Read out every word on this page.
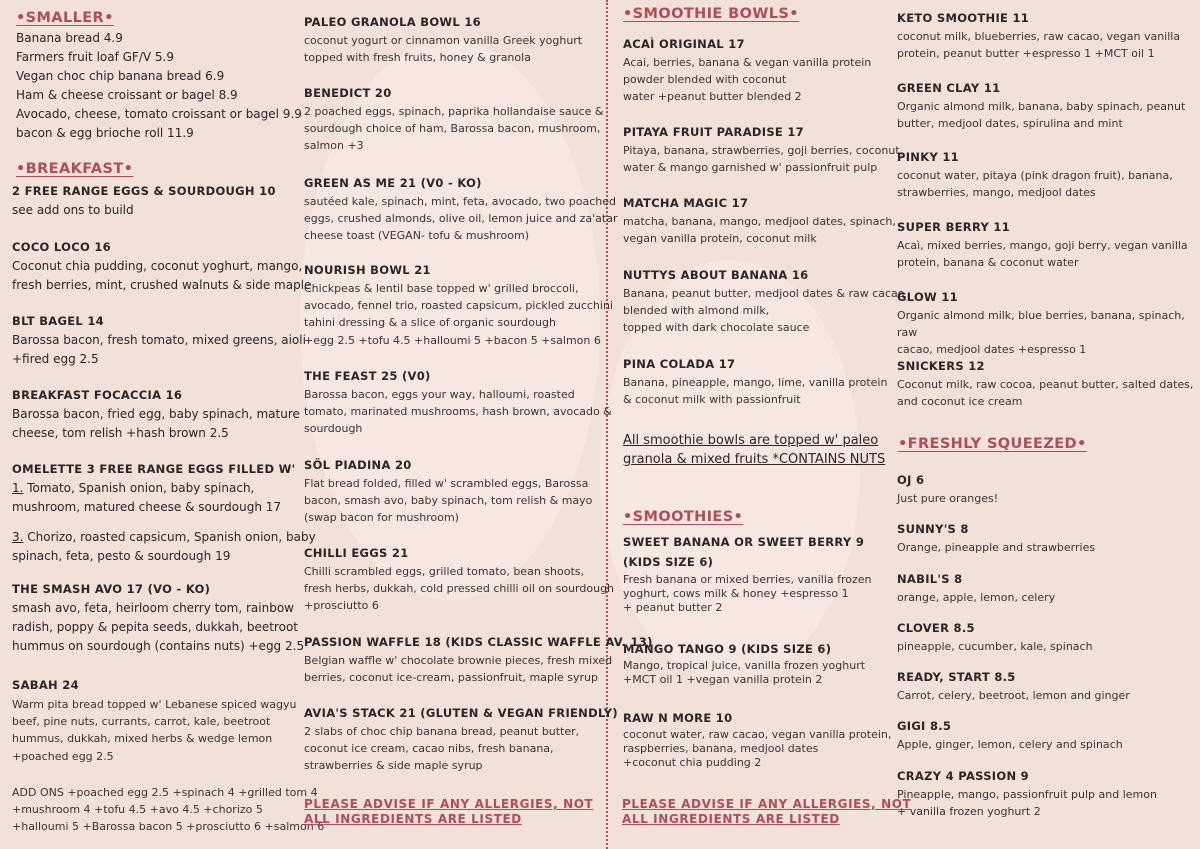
•SMALLER•

Banana bread 4.9

Farmers fruit loaf GF/V 5.9

Vegan choc chip banana bread 6.9

Ham & cheese croissant or bagel 8.9

Avocado, cheese, tomato croissant or bagel 9.9

bacon & egg brioche roll 11.9

•BREAKFAST•

2 FREE RANGE EGGS & SOURDOUGH 10

see add ons to build

COCO LOCO 16

Coconut chia pudding, coconut yoghurt, mango,
fresh berries, mint, crushed walnuts & side maple

BLT BAGEL 14

Barossa bacon, fresh tomato, mixed greens, aioli
+fired egg 2.5

BREAKFAST FOCACCIA 16

Barossa bacon, fried egg, baby spinach, mature
cheese, tom relish +hash brown 2.5

OMELETTE 3 FREE RANGE EGGS FILLED W'

1. Tomato, Spanish onion, baby spinach,
mushroom, matured cheese & sourdough 17

3. Chorizo, roasted capsicum, Spanish onion, baby
spinach, feta, pesto & sourdough 19

THE SMASH AVO 17 (VO - KO)

smash avo, feta, heirloom cherry tom, rainbow
radish, poppy & pepita seeds, dukkah, beetroot
hummus on sourdough (contains nuts) +egg 2.5

SABAH 24

Warm pita bread topped w' Lebanese spiced wagyu
beef, pine nuts, currants, carrot, kale, beetroot
hummus, dukkah, mixed herbs & wedge lemon
+poached egg 2.5

ADD ONS +poached egg 2.5 +spinach 4 +grilled tom 4
+mushroom 4 +tofu 4.5 +avo 4.5 +chorizo 5
+halloumi 5 +Barossa bacon 5 +prosciutto 6 +salmon 6

PALEO GRANOLA BOWL 16

coconut yogurt or cinnamon vanilla Greek yoghurt
topped with fresh fruits, honey & granola

BENEDICT 20

2 poached eggs, spinach, paprika hollandaise sauce &
sourdough choice of ham, Barossa bacon, mushroom,
salmon +3

GREEN AS ME 21 (V0 - KO)

sautéed kale, spinach, mint, feta, avocado, two poached
eggs, crushed almonds, olive oil, lemon juice and za'atar
cheese toast (VEGAN- tofu & mushroom)

NOURISH BOWL 21

Chickpeas & lentil base topped w' grilled broccoli,
avocado, fennel trio, roasted capsicum, pickled zucchini
tahini dressing & a slice of organic sourdough
+egg 2.5 +tofu 4.5 +halloumi 5 +bacon 5 +salmon 6

THE FEAST 25 (V0)

Barossa bacon, eggs your way, halloumi, roasted
tomato, marinated mushrooms, hash brown, avocado &
sourdough

SÖL PIADINA 20

Flat bread folded, filled w' scrambled eggs, Barossa
bacon, smash avo, baby spinach, tom relish & mayo
(swap bacon for mushroom)

CHILLI EGGS 21

Chilli scrambled eggs, grilled tomato, bean shoots,
fresh herbs, dukkah, cold pressed chilli oil on sourdough
+prosciutto 6

PASSION WAFFLE 18 (KIDS CLASSIC WAFFLE AV. 13)

Belgian waffle w' chocolate brownie pieces, fresh mixed
berries, coconut ice-cream, passionfruit, maple syrup

AVIA'S STACK 21 (GLUTEN & VEGAN FRIENDLY)

2 slabs of choc chip banana bread, peanut butter,
coconut ice cream, cacao nibs, fresh banana,
strawberries & side maple syrup

PLEASE ADVISE IF ANY ALLERGIES, NOT
ALL INGREDIENTS ARE LISTED

•SMOOTHIE BOWLS•

ACAÌ ORIGINAL 17

Acai, berries, banana & vegan vanilla protein
powder blended with coconut
water +peanut butter blended 2

PITAYA FRUIT PARADISE 17

Pitaya, banana, strawberries, goji berries, coconut
water & mango garnished w' passionfruit pulp

MATCHA MAGIC 17

matcha, banana, mango, medjool dates, spinach,
vegan vanilla protein, coconut milk

NUTTYS ABOUT BANANA 16

Banana, peanut butter, medjool dates & raw cacao
blended with almond milk,
topped with dark chocolate sauce

PINA COLADA 17

Banana, pineapple, mango, lime, vanilla protein
& coconut milk with passionfruit

All smoothie bowls are topped w' paleo
granola & mixed fruits *CONTAINS NUTS

•SMOOTHIES•

SWEET BANANA OR SWEET BERRY 9

(KIDS SIZE 6)

Fresh banana or mixed berries, vanilla frozen
yoghurt, cows milk & honey +espresso 1
+ peanut butter 2

MANGO TANGO 9 (KIDS SIZE 6)

Mango, tropical juice, vanilla frozen yoghurt
+MCT oil 1 +vegan vanilla protein 2

RAW N MORE 10

coconut water, raw cacao, vegan vanilla protein,
raspberries, banana, medjool dates
+coconut chia pudding 2

PLEASE ADVISE IF ANY ALLERGIES, NOT
ALL INGREDIENTS ARE LISTED

KETO SMOOTHIE 11

coconut milk, blueberries, raw cacao, vegan vanilla
protein, peanut butter +espresso 1 +MCT oil 1

GREEN CLAY 11

Organic almond milk, banana, baby spinach, peanut
butter, medjool dates, spirulina and mint

PINKY 11

coconut water, pitaya (pink dragon fruit), banana,
strawberries, mango, medjool dates

SUPER BERRY 11

Acaì, mixed berries, mango, goji berry, vegan vanilla
protein, banana & coconut water

GLOW 11

Organic almond milk, blue berries, banana, spinach, raw
cacao, medjool dates +espresso 1

SNICKERS 12

Coconut milk, raw cocoa, peanut butter, salted dates,
and coconut ice cream

•FRESHLY SQUEEZED•

OJ 6

Just pure oranges!

SUNNY'S 8

Orange, pineapple and strawberries

NABIL'S 8

orange, apple, lemon, celery

CLOVER 8.5

pineapple, cucumber, kale, spinach

READY, START 8.5

Carrot, celery, beetroot, lemon and ginger

GIGI 8.5

Apple, ginger, lemon, celery and spinach

CRAZY 4 PASSION 9

Pineapple, mango, passionfruit pulp and lemon
+ vanilla frozen yoghurt 2
